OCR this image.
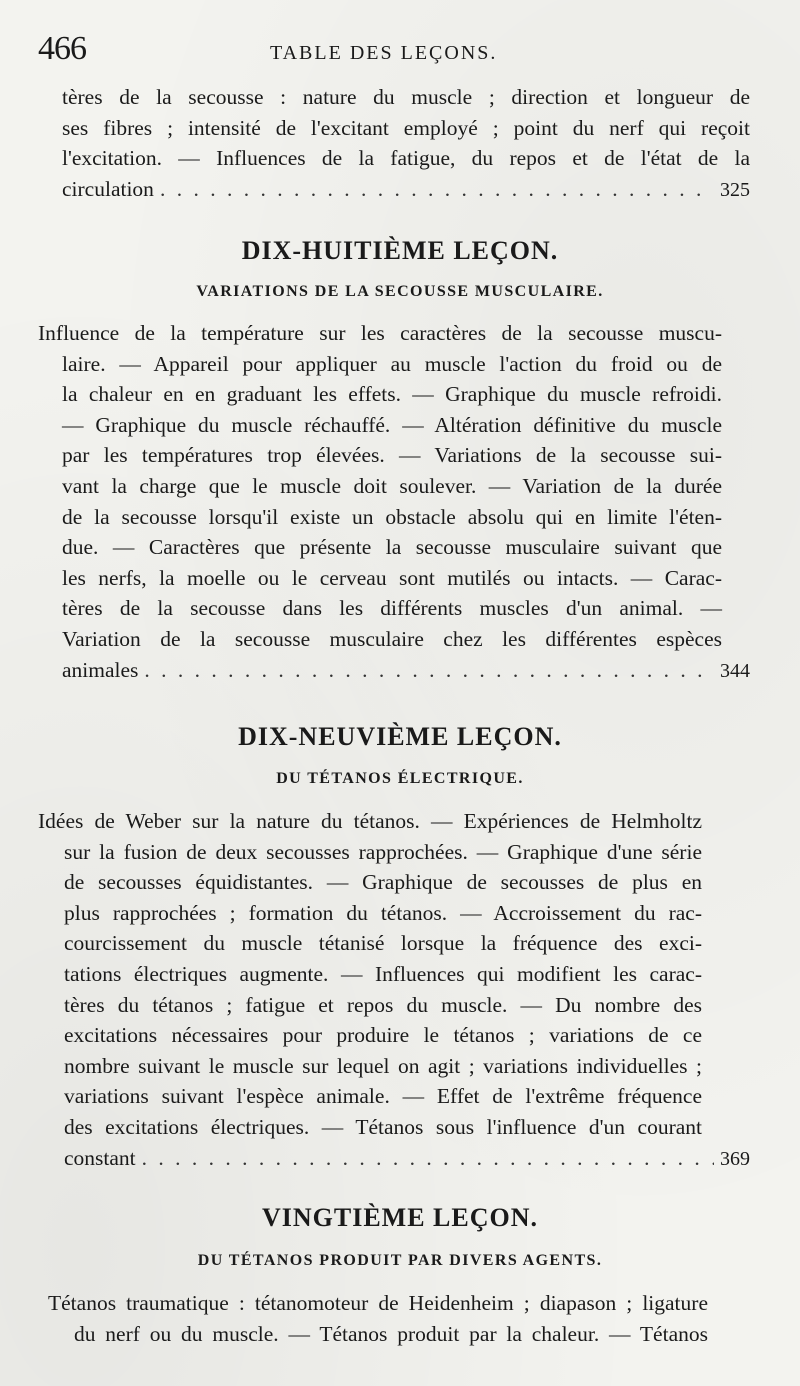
466	TABLE DES LEÇONS.
tères de la secousse : nature du muscle ; direction et longueur de
ses fibres ; intensité de l'excitant employé ; point du nerf qui reçoit
l'excitation. — Influences de la fatigue, du repos et de l'état de la
circulation . . .	325
DIX-HUITIÈME LEÇON.
VARIATIONS DE LA SECOUSSE MUSCULAIRE.
Influence de la température sur les caractères de la secousse muscu-
laire. — Appareil pour appliquer au muscle l'action du froid ou de
la chaleur en en graduant les effets. — Graphique du muscle refroidi.
— Graphique du muscle réchauffé. — Altération définitive du muscle
par les températures trop élevées. — Variations de la secousse sui-
vant la charge que le muscle doit soulever. — Variation de la durée
de la secousse lorsqu'il existe un obstacle absolu qui en limite l'éten-
due. — Caractères que présente la secousse musculaire suivant que
les nerfs, la moelle ou le cerveau sont mutilés ou intacts. — Carac-
tères de la secousse dans les différents muscles d'un animal. —
Variation de la secousse musculaire chez les différentes espèces
animales . . .	344
DIX-NEUVIÈME LEÇON.
DU TÉTANOS ÉLECTRIQUE.
Idées de Weber sur la nature du tétanos. — Expériences de Helmholtz
sur la fusion de deux secousses rapprochées. — Graphique d'une série
de secousses équidistantes. — Graphique de secousses de plus en
plus rapprochées ; formation du tétanos. — Accroissement du rac-
courcissement du muscle tétanisé lorsque la fréquence des exci-
tations électriques augmente. — Influences qui modifient les carac-
tères du tétanos ; fatigue et repos du muscle. — Du nombre des
excitations nécessaires pour produire le tétanos ; variations de ce
nombre suivant le muscle sur lequel on agit ; variations individuelles ;
variations suivant l'espèce animale. — Effet de l'extrême fréquence
des excitations électriques. — Tétanos sous l'influence d'un courant
constant . . .	369
VINGTIÈME LEÇON.
DU TÉTANOS PRODUIT PAR DIVERS AGENTS.
Tétanos traumatique : tétanomoteur de Heidenheim ; diapason ; ligature
du nerf ou du muscle. — Tétanos produit par la chaleur. — Tétanos
